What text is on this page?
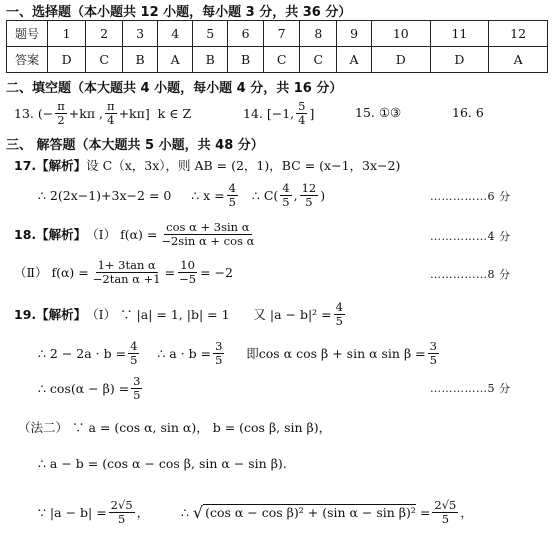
一、选择题（本小题共 12 小题，每小题 3 分，共 36 分）
题号	1	2	3	4	5	6	7	8	9	10	11	12
答案	D	C	B	A	B	B	C	C	A	D	D	A
二、填空题（本大题共 4 小题，每小题 4 分，共 16 分）
13.
(− $\frac{\pi}{2} +k\pi$ , $\frac{\pi}{4} +k\pi$]
k ∈ Z	14.
[−1, $\frac{5}{4}$ ]	15. ①③	16. 6
三、 解答题（本大题共 5 小题，共 48 分）
17.【解析】设 C（x，3x），则 AB = (2，1)，BC = (x−1，3x−2)
∴ 2(2x−1)+3x−2 = 0
∴ $x = \frac{4}{5}$
∴ $C( \frac{4}{5}$ , $\frac{12}{5}$ )	……………6 分
18.【解析】 （Ⅰ） $f(\alpha) = \frac{\text{cos α + 3sin α}}{\text{−2sin α + cos α}}$	……………4 分
（Ⅱ） $f(\alpha) = \frac{\text{1+ 3tan α}}{\text{−2tan α +1}} = \frac{10}{-5} = -2$	……………8 分
19.【解析】 （Ⅰ） ∵ |a| = 1, |b| = 1
又 $|a - b|^2 = \frac{4}{5}$
∴ $2 - 2a \cdot b = \frac{4}{5}$
∴ $a \cdot b = \frac{3}{5}$
即cos α cos β + sin α $\sin \beta = \frac{3}{5}$
∴ $\cos(\alpha - \beta) = \frac{3}{5}$	……………5 分
（法二） ∵ a = (cos α, sin α)， b = (cos β, sin β)，
∴ a − b = (cos α − cos β, sin α − sin β).
∵ $|a - b| = \frac{2√5}{5}$ ，
	∴
√ (cos α − cos β)² + (sin α − sin β)²
= $\frac{2√5}{5}$ ，
